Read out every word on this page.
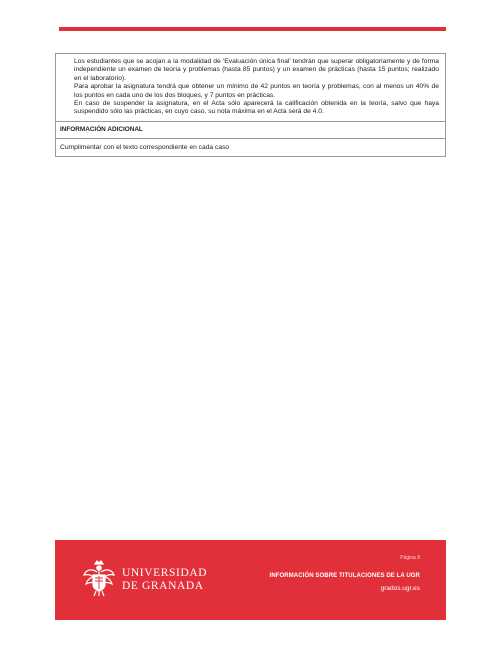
Los estudiantes que se acojan a la modalidad de ‘Evaluación única final’ tendrán que superar obligatoriamente y de forma independiente un examen de teoría y problemas (hasta 85 puntos) y un examen de prácticas (hasta 15 puntos; realizado en el laboratorio).

Para aprobar la asignatura tendrá que obtener un mínimo de 42 puntos en teoría y problemas, con al menos un 40% de los puntos en cada uno de los dos bloques, y 7 puntos en prácticas.

En caso de suspender la asignatura, en el Acta sólo aparecerá la calificación obtenida en la teoría, salvo que haya suspendido sólo las prácticas, en cuyo caso, su nota máxima en el Acta será de 4.0.

INFORMACIÓN ADICIONAL
Cumplimentar con el texto correspondiente en cada caso
UNIVERSIDAD
DE GRANADA
Página 8
INFORMACIÓN SOBRE TITULACIONES DE LA UGR
grados.ugr.es
